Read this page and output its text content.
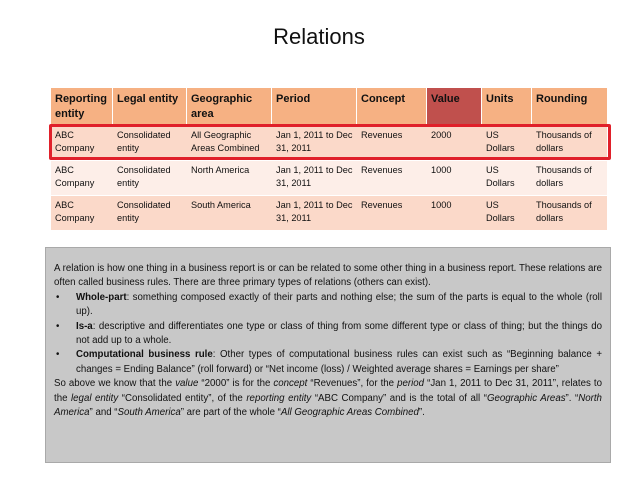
Relations
Reporting entity	Legal entity	Geographic area	Period	Concept	Value	Units	Rounding
ABC Company	Consolidated entity	All Geographic Areas Combined	Jan 1, 2011 to Dec 31, 2011	Revenues	2000	US Dollars	Thousands of dollars
ABC Company	Consolidated entity	North America	Jan 1, 2011 to Dec 31, 2011	Revenues	1000	US Dollars	Thousands of dollars
ABC Company	Consolidated entity	South America	Jan 1, 2011 to Dec 31, 2011	Revenues	1000	US Dollars	Thousands of dollars

A relation is how one thing in a business report is or can be related to some other thing in a business report. These relations are often called business rules. There are three primary types of relations (others can exist).

• Whole-part: something composed exactly of their parts and nothing else; the sum of the parts is equal to the whole (roll up).

• Is-a: descriptive and differentiates one type or class of thing from some different type or class of thing; but the things do not add up to a whole.

• Computational business rule: Other types of computational business rules can exist such as “Beginning balance + changes = Ending Balance” (roll forward) or “Net income (loss) / Weighted average shares = Earnings per share”

So above we know that the value “2000” is for the concept “Revenues”, for the period “Jan 1, 2011 to Dec 31, 2011”, relates to the legal entity “Consolidated entity”, of the reporting entity “ABC Company” and is the total of all “Geographic Areas”. “North America” and “South America” are part of the whole “All Geographic Areas Combined”.
